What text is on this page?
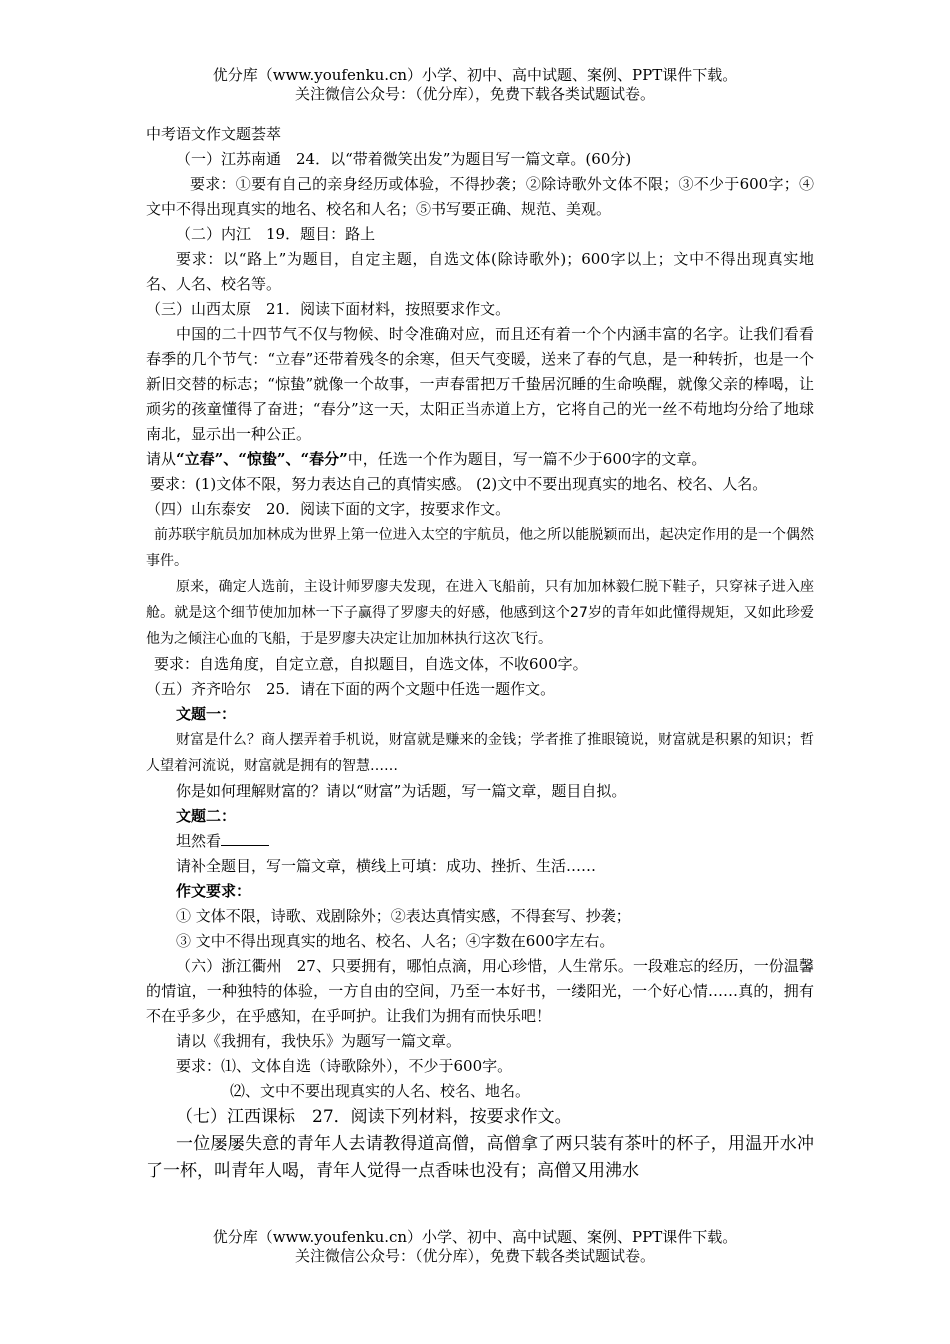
优分库（www.youfenku.cn）小学、初中、高中试题、案例、PPT课件下载。
关注微信公众号：（优分库），免费下载各类试题试卷。

中考语文作文题荟萃

（一）江苏南通　24．以“带着微笑出发”为题目写一篇文章。(60分)

要求：①要有自己的亲身经历或体验，不得抄袭；②除诗歌外文体不限；③不少于600字；④文中不得出现真实的地名、校名和人名；⑤书写要正确、规范、美观。

（二）内江　19．题目：路上

要求：以“路上”为题目，自定主题，自选文体(除诗歌外)；600字以上；文中不得出现真实地名、人名、校名等。

（三）山西太原　21．阅读下面材料，按照要求作文。

中国的二十四节气不仅与物候、时令准确对应，而且还有着一个个内涵丰富的名字。让我们看看春季的几个节气：“立春”还带着残冬的余寒，但天气变暖，送来了春的气息，是一种转折，也是一个新旧交替的标志；“惊蛰”就像一个故事，一声春雷把万千蛰居沉睡的生命唤醒，就像父亲的棒喝，让顽劣的孩童懂得了奋进；“春分”这一天，太阳正当赤道上方，它将自己的光一丝不苟地均分给了地球南北，显示出一种公正。

请从“立春”、“惊蛰”、“春分”中，任选一个作为题目，写一篇不少于600字的文章。

要求：(1)文体不限，努力表达自己的真情实感。 (2)文中不要出现真实的地名、校名、人名。

（四）山东泰安　20．阅读下面的文字，按要求作文。

前苏联宇航员加加林成为世界上第一位进入太空的宇航员，他之所以能脱颖而出，起决定作用的是一个偶然事件。

原来，确定人选前，主设计师罗廖夫发现，在进入飞船前，只有加加林毅仁脱下鞋子，只穿袜子进入座舱。就是这个细节使加加林一下子赢得了罗廖夫的好感，他感到这个27岁的青年如此懂得规矩，又如此珍爱他为之倾注心血的飞船，于是罗廖夫决定让加加林执行这次飞行。

要求：自选角度，自定立意，自拟题目，自选文体，不收600字。

（五）齐齐哈尔　25．请在下面的两个文题中任选一题作文。

文题一：

财富是什么？商人摆弄着手机说，财富就是赚来的金钱；学者推了推眼镜说，财富就是积累的知识；哲人望着河流说，财富就是拥有的智慧……

你是如何理解财富的？请以“财富”为话题，写一篇文章，题目自拟。

文题二：

坦然看

请补全题目，写一篇文章，横线上可填：成功、挫折、生活……

作文要求：

① 文体不限，诗歌、戏剧除外；②表达真情实感，不得套写、抄袭；

③ 文中不得出现真实的地名、校名、人名；④字数在600字左右。

（六）浙江衢州　27、只要拥有，哪怕点滴，用心珍惜，人生常乐。一段难忘的经历，一份温馨的情谊，一种独特的体验，一方自由的空间，乃至一本好书，一缕阳光，一个好心情……真的，拥有不在乎多少，在乎感知，在乎呵护。让我们为拥有而快乐吧！

请以《我拥有，我快乐》为题写一篇文章。

要求：⑴、文体自选（诗歌除外），不少于600字。

⑵、文中不要出现真实的人名、校名、地名。

（七）江西课标　27．阅读下列材料，按要求作文。

一位屡屡失意的青年人去请教得道高僧，高僧拿了两只装有茶叶的杯子，用温开水冲了一杯，叫青年人喝，青年人觉得一点香味也没有；高僧又用沸水

优分库（www.youfenku.cn）小学、初中、高中试题、案例、PPT课件下载。
关注微信公众号：（优分库），免费下载各类试题试卷。
